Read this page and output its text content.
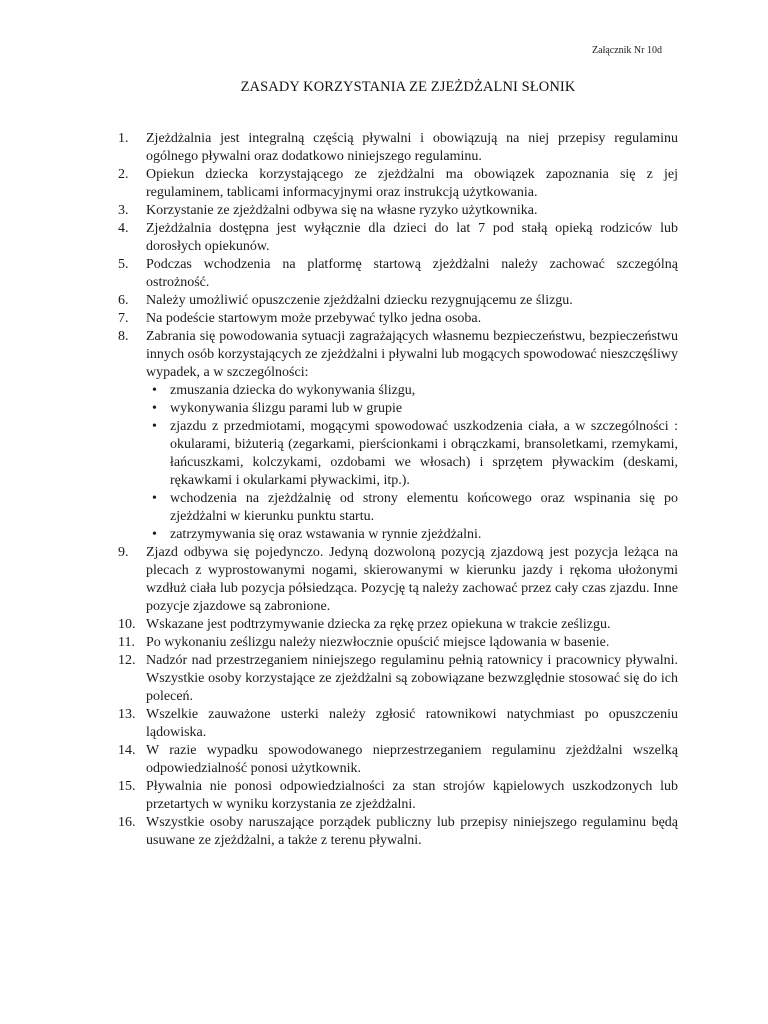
Załącznik Nr 10d
ZASADY KORZYSTANIA ZE ZJEŻDŻALNI SŁONIK
1.	Zjeżdżalnia jest integralną częścią pływalni i obowiązują na niej przepisy regulaminu ogólnego pływalni oraz dodatkowo niniejszego regulaminu.
2.	Opiekun dziecka korzystającego ze zjeżdżalni ma obowiązek zapoznania się z jej regulaminem, tablicami informacyjnymi oraz instrukcją użytkowania.
3.	Korzystanie ze zjeżdżalni odbywa się na własne ryzyko użytkownika.
4.	Zjeżdżalnia dostępna jest wyłącznie dla dzieci do lat 7 pod stałą opieką rodziców lub dorosłych opiekunów.
5.	Podczas wchodzenia na platformę startową zjeżdżalni należy zachować szczególną ostrożność.
6.	Należy umożliwić opuszczenie zjeżdżalni dziecku rezygnującemu ze ślizgu.
7.	Na podeście startowym może przebywać tylko jedna osoba.
8.	Zabrania się powodowania sytuacji zagrażających własnemu bezpieczeństwu, bezpieczeństwu innych osób korzystających ze zjeżdżalni i pływalni lub mogących spowodować nieszczęśliwy wypadek, a w szczególności:
• zmuszania dziecka do wykonywania ślizgu,
• wykonywania ślizgu parami lub w grupie
• zjazdu z przedmiotami, mogącymi spowodować uszkodzenia ciała, a w szczególności : okularami, biżuterią (zegarkami, pierścionkami i obrączkami, bransoletkami, rzemykami, łańcuszkami, kolczykami, ozdobami we włosach) i sprzętem pływackim (deskami, rękawkami i okularkami pływackimi, itp.).
• wchodzenia na zjeżdżalnię od strony elementu końcowego oraz wspinania się po zjeżdżalni w kierunku punktu startu.
• zatrzymywania się oraz wstawania w rynnie zjeżdżalni.
9.	Zjazd odbywa się pojedynczo. Jedyną dozwoloną pozycją zjazdową jest pozycja leżąca na plecach z wyprostowanymi nogami, skierowanymi w kierunku jazdy i rękoma ułożonymi wzdłuż ciała lub pozycja półsiedząca. Pozycję tą należy zachować przez cały czas zjazdu. Inne pozycje zjazdowe są zabronione.
10. Wskazane jest podtrzymywanie dziecka za rękę przez opiekuna w trakcie ześlizgu.
11. Po wykonaniu ześlizgu należy niezwłocznie opuścić miejsce lądowania w basenie.
12. Nadzór nad przestrzeganiem niniejszego regulaminu pełnią ratownicy i pracownicy pływalni. Wszystkie osoby korzystające ze zjeżdżalni są zobowiązane bezwzględnie stosować się do ich poleceń.
13. Wszelkie zauważone usterki należy zgłosić ratownikowi natychmiast po opuszczeniu lądowiska.
14. W razie wypadku spowodowanego nieprzestrzeganiem regulaminu zjeżdżalni wszelką odpowiedzialność ponosi użytkownik.
15. Pływalnia nie ponosi odpowiedzialności za stan strojów kąpielowych uszkodzonych lub przetartych w wyniku korzystania ze zjeżdżalni.
16. Wszystkie osoby naruszające porządek publiczny lub przepisy niniejszego regulaminu będą usuwane ze zjeżdżalni, a także z terenu pływalni.
